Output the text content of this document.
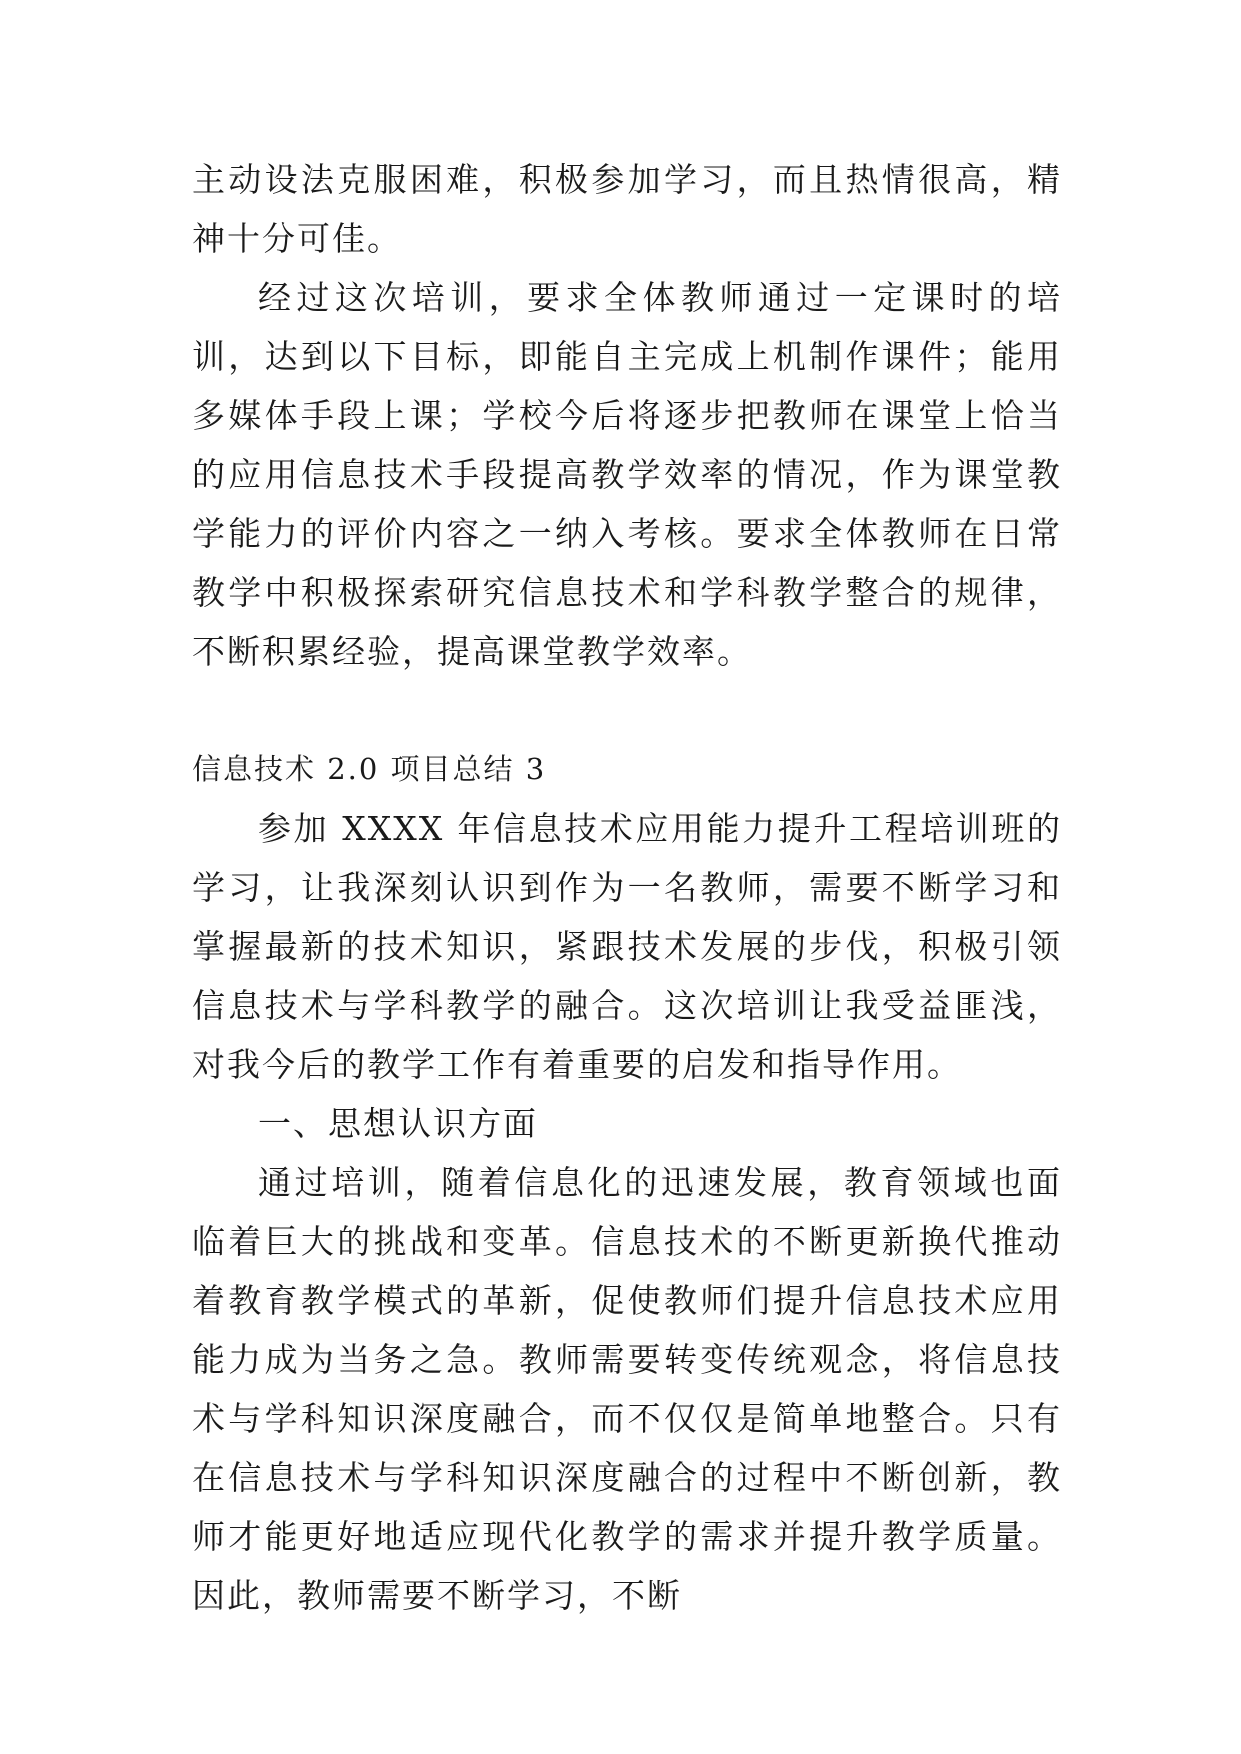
主动设法克服困难，积极参加学习，而且热情很高，精神十分可佳。

经过这次培训，要求全体教师通过一定课时的培训，达到以下目标，即能自主完成上机制作课件；能用多媒体手段上课；学校今后将逐步把教师在课堂上恰当的应用信息技术手段提高教学效率的情况，作为课堂教学能力的评价内容之一纳入考核。要求全体教师在日常教学中积极探索研究信息技术和学科教学整合的规律，不断积累经验，提高课堂教学效率。

信息技术 2.0 项目总结 3

参加 XXXX 年信息技术应用能力提升工程培训班的学习，让我深刻认识到作为一名教师，需要不断学习和掌握最新的技术知识，紧跟技术发展的步伐，积极引领信息技术与学科教学的融合。这次培训让我受益匪浅，对我今后的教学工作有着重要的启发和指导作用。

一、思想认识方面

通过培训，随着信息化的迅速发展，教育领域也面临着巨大的挑战和变革。信息技术的不断更新换代推动着教育教学模式的革新，促使教师们提升信息技术应用能力成为当务之急。教师需要转变传统观念，将信息技术与学科知识深度融合，而不仅仅是简单地整合。只有在信息技术与学科知识深度融合的过程中不断创新，教师才能更好地适应现代化教学的需求并提升教学质量。因此，教师需要不断学习，不断
